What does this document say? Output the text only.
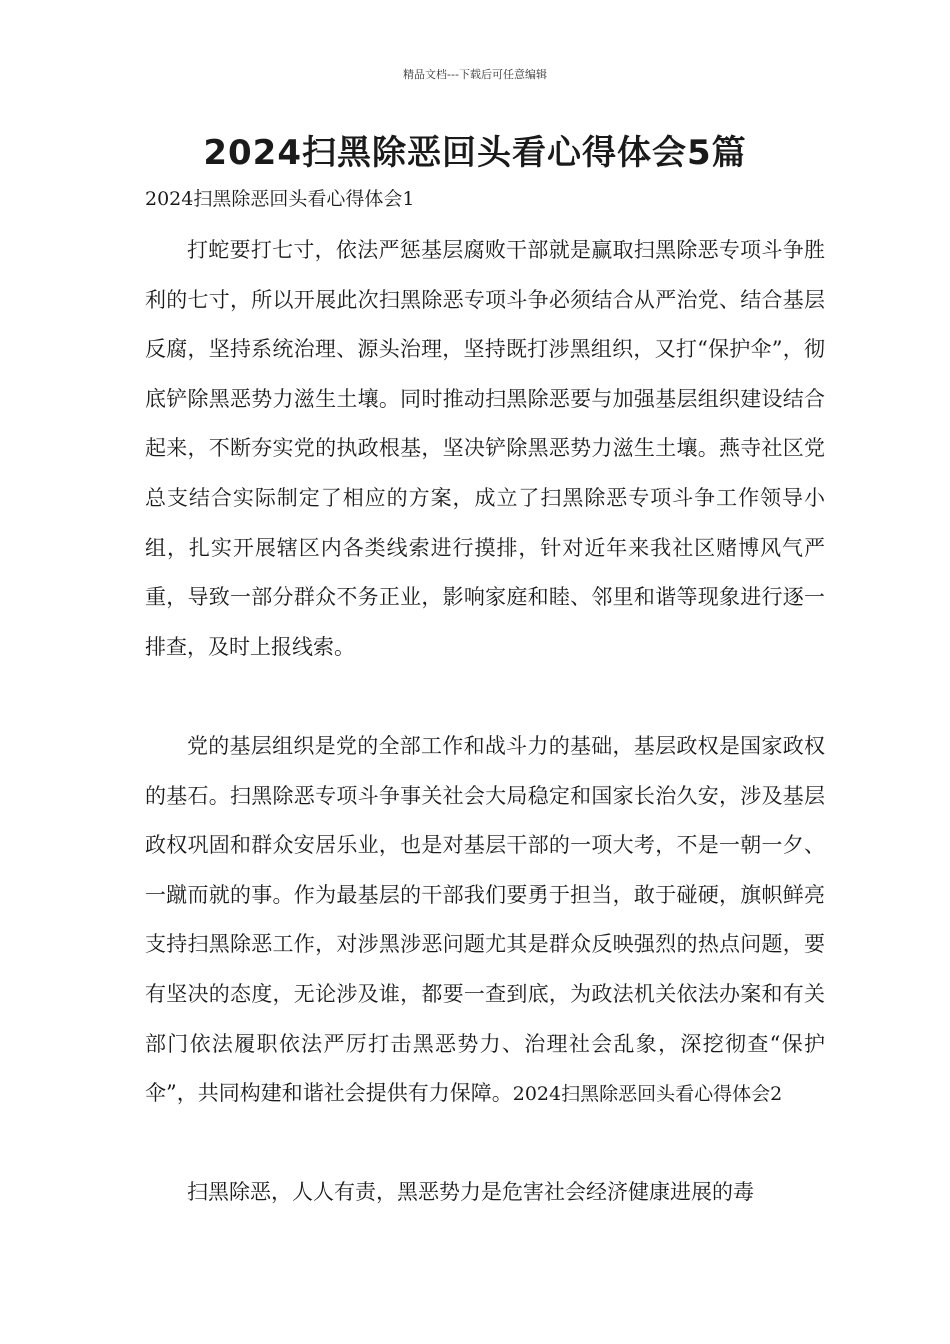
精品文档---下载后可任意编辑
2024扫黑除恶回头看心得体会5篇
2024扫黑除恶回头看心得体会1

打蛇要打七寸，依法严惩基层腐败干部就是赢取扫黑除恶专项斗争胜利的七寸，所以开展此次扫黑除恶专项斗争必须结合从严治党、结合基层反腐，坚持系统治理、源头治理，坚持既打涉黑组织，又打“保护伞”，彻底铲除黑恶势力滋生土壤。同时推动扫黑除恶要与加强基层组织建设结合起来，不断夯实党的执政根基，坚决铲除黑恶势力滋生土壤。燕寺社区党总支结合实际制定了相应的方案，成立了扫黑除恶专项斗争工作领导小组，扎实开展辖区内各类线索进行摸排，针对近年来我社区赌博风气严重，导致一部分群众不务正业，影响家庭和睦、邻里和谐等现象进行逐一排查，及时上报线索。

党的基层组织是党的全部工作和战斗力的基础，基层政权是国家政权的基石。扫黑除恶专项斗争事关社会大局稳定和国家长治久安，涉及基层政权巩固和群众安居乐业，也是对基层干部的一项大考，不是一朝一夕、一蹴而就的事。作为最基层的干部我们要勇于担当，敢于碰硬，旗帜鲜亮支持扫黑除恶工作，对涉黑涉恶问题尤其是群众反映强烈的热点问题，要有坚决的态度，无论涉及谁，都要一查到底，为政法机关依法办案和有关部门依法履职依法严厉打击黑恶势力、治理社会乱象，深挖彻查“保护伞”，共同构建和谐社会提供有力保障。2024扫黑除恶回头看心得体会2

扫黑除恶，人人有责，黑恶势力是危害社会经济健康进展的毒
